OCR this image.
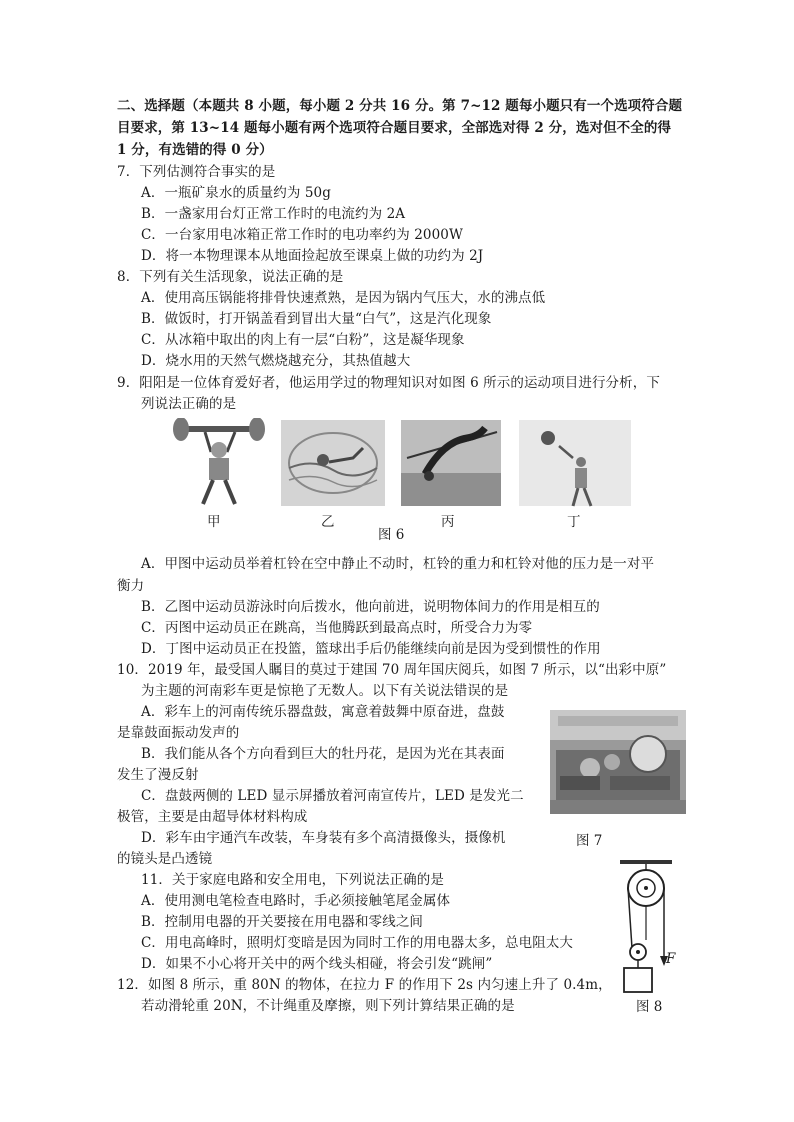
二、选择题（本题共 8 小题，每小题 2 分共 16 分。第 7~12 题每小题只有一个选项符合题
目要求，第 13~14 题每小题有两个选项符合题目要求，全部选对得 2 分，选对但不全的得
1 分，有选错的得 0 分）
7．下列估测符合事实的是
A．一瓶矿泉水的质量约为 50g
B．一盏家用台灯正常工作时的电流约为 2A
C．一台家用电冰箱正常工作时的电功率约为 2000W
D．将一本物理课本从地面捡起放至课桌上做的功约为 2J
8．下列有关生活现象，说法正确的是
A．使用高压锅能将排骨快速煮熟，是因为锅内气压大，水的沸点低
B．做饭时，打开锅盖看到冒出大量“白气”，这是汽化现象
C．从冰箱中取出的肉上有一层“白粉”，这是凝华现象
D．烧水用的天然气燃烧越充分，其热值越大
9．阳阳是一位体育爱好者，他运用学过的物理知识对如图 6 所示的运动项目进行分析，下
列说法正确的是
甲	乙	丙	丁
图 6
A．甲图中运动员举着杠铃在空中静止不动时，杠铃的重力和杠铃对他的压力是一对平
衡力
B．乙图中运动员游泳时向后拨水，他向前进，说明物体间力的作用是相互的
C．丙图中运动员正在跳高，当他腾跃到最高点时，所受合力为零
D．丁图中运动员正在投篮，篮球出手后仍能继续向前是因为受到惯性的作用
10．2019 年，最受国人瞩目的莫过于建国 70 周年国庆阅兵，如图 7 所示，以“出彩中原”
为主题的河南彩车更是惊艳了无数人。以下有关说法错误的是
A．彩车上的河南传统乐器盘鼓，寓意着鼓舞中原奋进，盘鼓
是靠鼓面振动发声的
B．我们能从各个方向看到巨大的牡丹花，是因为光在其表面
发生了漫反射
C．盘鼓两侧的 LED 显示屏播放着河南宣传片，LED 是发光二
极管，主要是由超导体材料构成
D．彩车由宇通汽车改装，车身装有多个高清摄像头，摄像机
的镜头是凸透镜
图 7
11．关于家庭电路和安全用电，下列说法正确的是
A．使用测电笔检查电路时，手必须接触笔尾金属体
B．控制用电器的开关要接在用电器和零线之间
C．用电高峰时，照明灯变暗是因为同时工作的用电器太多，总电阻太大
D．如果不小心将开关中的两个线头相碰，将会引发“跳闸”
12．如图 8 所示，重 80N 的物体，在拉力 F 的作用下 2s 内匀速上升了 0.4m，
若动滑轮重 20N，不计绳重及摩擦，则下列计算结果正确的是
F
图 8
